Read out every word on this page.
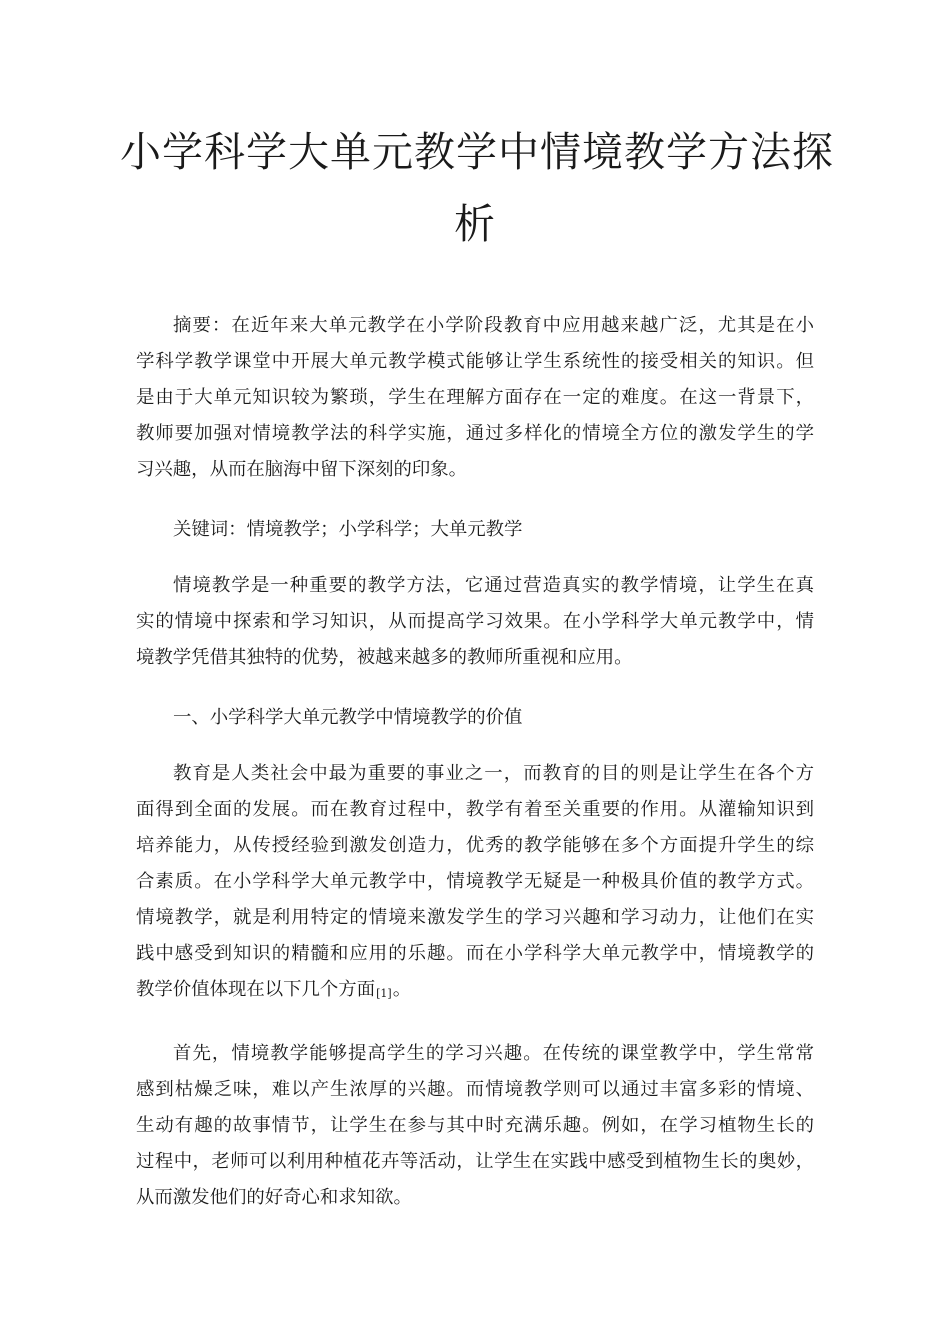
小学科学大单元教学中情境教学方法探

析

摘要：在近年来大单元教学在小学阶段教育中应用越来越广泛，尤其是在小
学科学教学课堂中开展大单元教学模式能够让学生系统性的接受相关的知识。但
是由于大单元知识较为繁琐，学生在理解方面存在一定的难度。在这一背景下，
教师要加强对情境教学法的科学实施，通过多样化的情境全方位的激发学生的学
习兴趣，从而在脑海中留下深刻的印象。
关键词：情境教学；小学科学；大单元教学
情境教学是一种重要的教学方法，它通过营造真实的教学情境，让学生在真
实的情境中探索和学习知识，从而提高学习效果。在小学科学大单元教学中，情
境教学凭借其独特的优势，被越来越多的教师所重视和应用。
一、小学科学大单元教学中情境教学的价值
教育是人类社会中最为重要的事业之一，而教育的目的则是让学生在各个方
面得到全面的发展。而在教育过程中，教学有着至关重要的作用。从灌输知识到
培养能力，从传授经验到激发创造力，优秀的教学能够在多个方面提升学生的综
合素质。在小学科学大单元教学中，情境教学无疑是一种极具价值的教学方式。
情境教学，就是利用特定的情境来激发学生的学习兴趣和学习动力，让他们在实
践中感受到知识的精髓和应用的乐趣。而在小学科学大单元教学中，情境教学的
教学价值体现在以下几个方面[1]。
首先，情境教学能够提高学生的学习兴趣。在传统的课堂教学中，学生常常
感到枯燥乏味，难以产生浓厚的兴趣。而情境教学则可以通过丰富多彩的情境、
生动有趣的故事情节，让学生在参与其中时充满乐趣。例如，在学习植物生长的
过程中，老师可以利用种植花卉等活动，让学生在实践中感受到植物生长的奥妙，
从而激发他们的好奇心和求知欲。
